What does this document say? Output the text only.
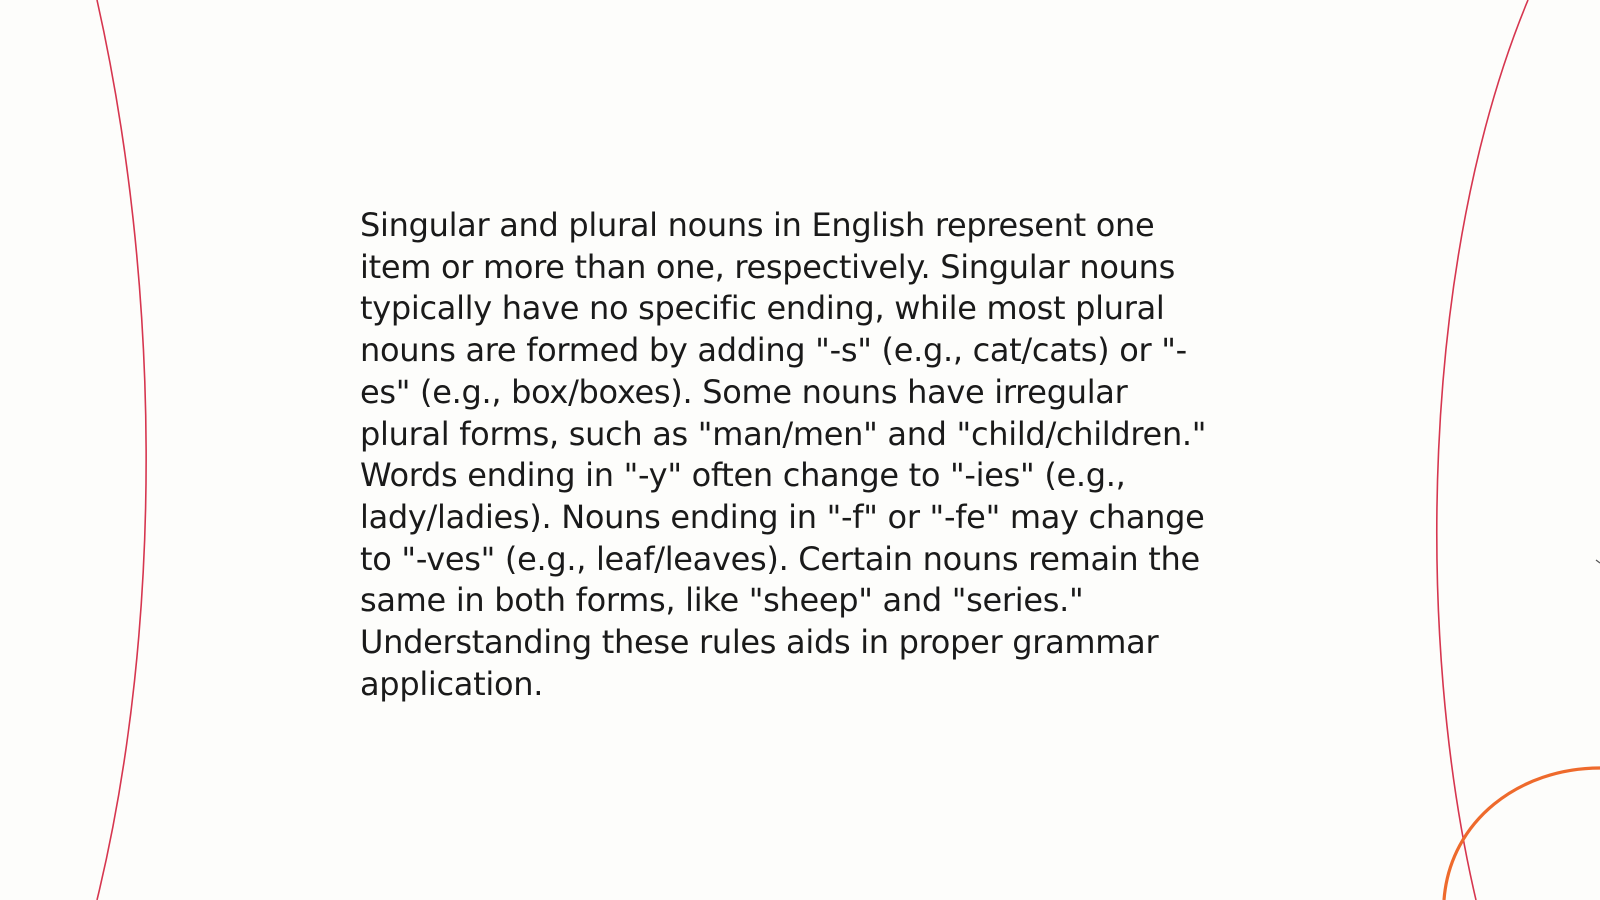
Singular and plural nouns in English represent one
item or more than one, respectively. Singular nouns
typically have no specific ending, while most plural
nouns are formed by adding "-s" (e.g., cat/cats) or "-
es" (e.g., box/boxes). Some nouns have irregular
plural forms, such as "man/men" and "child/children."
Words ending in "-y" often change to "-ies" (e.g.,
lady/ladies). Nouns ending in "-f" or "-fe" may change
to "-ves" (e.g., leaf/leaves). Certain nouns remain the
same in both forms, like "sheep" and "series."
Understanding these rules aids in proper grammar
application.
